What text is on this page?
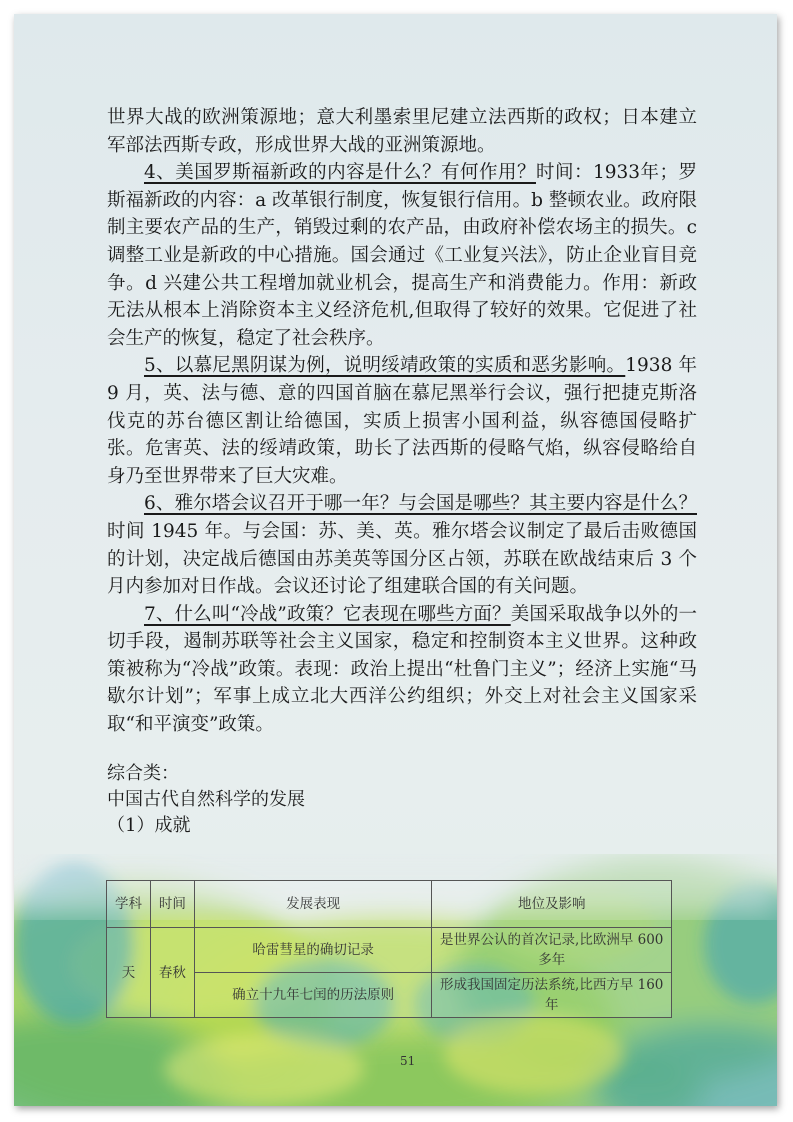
世界大战的欧洲策源地；意大利墨索里尼建立法西斯的政权；日本建立军部法西斯专政，形成世界大战的亚洲策源地。

4、美国罗斯福新政的内容是什么？有何作用？时间：1933年；罗斯福新政的内容：a 改革银行制度，恢复银行信用。b 整顿农业。政府限制主要农产品的生产，销毁过剩的农产品，由政府补偿农场主的损失。c 调整工业是新政的中心措施。国会通过《工业复兴法》，防止企业盲目竞争。d 兴建公共工程增加就业机会，提高生产和消费能力。作用：新政无法从根本上消除资本主义经济危机,但取得了较好的效果。它促进了社会生产的恢复，稳定了社会秩序。

5、以慕尼黑阴谋为例，说明绥靖政策的实质和恶劣影响。1938 年 9 月，英、法与德、意的四国首脑在慕尼黑举行会议，强行把捷克斯洛伐克的苏台德区割让给德国，实质上损害小国利益，纵容德国侵略扩张。危害英、法的绥靖政策，助长了法西斯的侵略气焰，纵容侵略给自身乃至世界带来了巨大灾难。

6、雅尔塔会议召开于哪一年？与会国是哪些？其主要内容是什么？时间 1945 年。与会国：苏、美、英。雅尔塔会议制定了最后击败德国的计划，决定战后德国由苏美英等国分区占领，苏联在欧战结束后 3 个月内参加对日作战。会议还讨论了组建联合国的有关问题。

7、什么叫“冷战”政策？它表现在哪些方面？美国采取战争以外的一切手段，遏制苏联等社会主义国家，稳定和控制资本主义世界。这种政策被称为“冷战”政策。表现：政治上提出“杜鲁门主义”；经济上实施“马歇尔计划”；军事上成立北大西洋公约组织；外交上对社会主义国家采取“和平演变”政策。

综合类：

中国古代自然科学的发展

（1）成就

学科	时间	发展表现	地位及影响
天	春秋	哈雷彗星的确切记录	是世界公认的首次记录,比欧洲早 600 多年
		确立十九年七闰的历法原则	形成我国固定历法系统,比西方早 160 年
51
